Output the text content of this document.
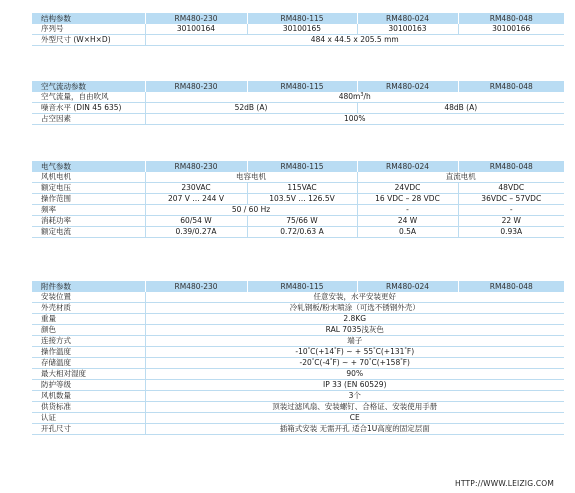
结构参数	RM480-230	RM480-115	RM480-024	RM480-048
序列号	30100164	30100165	30100163	30100166
外型尺寸 (W×H×D)	484 x 44.5 x 205.5 mm			
空气流动参数	RM480-230	RM480-115	RM480-024	RM480-048
空气流量，自由吹风	$480m^3/h$			
噪音水平 (DIN 45 635)	52dB (A)		48dB (A)	
占空因素	100%			
电气参数	RM480-230	RM480-115	RM480-024	RM480-048
风机电机	电容电机		直流电机	
额定电压	230VAC	115VAC	24VDC	48VDC
操作范围	207 V … 244 V	103.5V … 126.5V	16 VDC – 28 VDC	36VDC – 57VDC
频率	50 / 60 Hz		-	-
消耗功率	60/54 W	75/66 W	24 W	22 W
额定电流	0.39/0.27A	0.72/0.63 A	0.5A	0.93A
附件参数	RM480-230	RM480-115	RM480-024	RM480-048
安装位置	任意安装，水平安装更好			
外壳材质	冷轧钢板/粉末喷涂（可选不锈钢外壳）			
重量	2.8KG			
颜色	RAL 7035浅灰色			
连接方式	端子			
操作温度	-10°C(+14°F) ~ + 55°C(+131°F)			
存储温度	-20°C(-4°F) ~ + 70°C(+158°F)			
最大相对湿度	90%			
防护等级	IP 33 (EN 60529)			
风机数量	3个			
供货标准	顶装过滤风扇、安装螺钉、合格证、安装使用手册			
认证	CE			
开孔尺寸	插箱式安装 无需开孔 适合1U高度的固定层面			
HTTP://WWW.LEIZIG.COM
